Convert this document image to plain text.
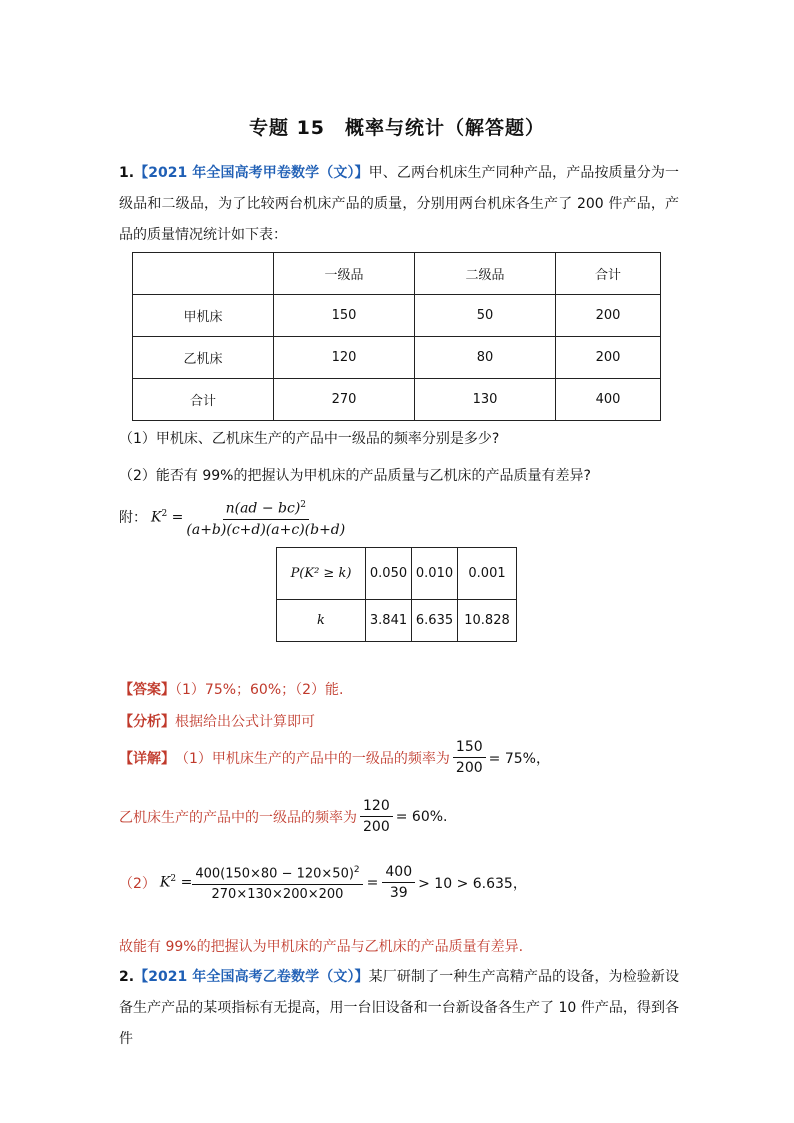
专题 15　概率与统计（解答题）
1.【2021 年全国高考甲卷数学（文）】甲、乙两台机床生产同种产品，产品按质量分为一级品和二级品，为了比较两台机床产品的质量，分别用两台机床各生产了 200 件产品，产品的质量情况统计如下表：
	一级品	二级品	合计
甲机床	150	50	200
乙机床	120	80	200
合计	270	130	400
（1）甲机床、乙机床生产的产品中一级品的频率分别是多少?
（2）能否有 99%的把握认为甲机床的产品质量与乙机床的产品质量有差异?
附： $K^2 = \frac{n(ad - bc)^2}{(a+b)(c+d)(a+c)(b+d)}$
P(K² ≥ k)	0.050	0.010	0.001
k	3.841	6.635	10.828
【答案】（1）75%；60%；（2）能.
【分析】根据给出公式计算即可
【详解】 （1）甲机床生产的产品中的一级品的频率为 $\frac{150}{200} = 75\%$，
乙机床生产的产品中的一级品的频率为 $\frac{120}{200} = 60\%$.
（2） $K^2 = \frac{400(150\times 80 - 120\times 50)^2}{270\times 130\times 200\times 200} = \frac{400}{39} > 10 > 6.635$，
故能有 99%的把握认为甲机床的产品与乙机床的产品质量有差异.
2.【2021 年全国高考乙卷数学（文）】某厂研制了一种生产高精产品的设备，为检验新设备生产产品的某项指标有无提高，用一台旧设备和一台新设备各生产了 10 件产品，得到各件
